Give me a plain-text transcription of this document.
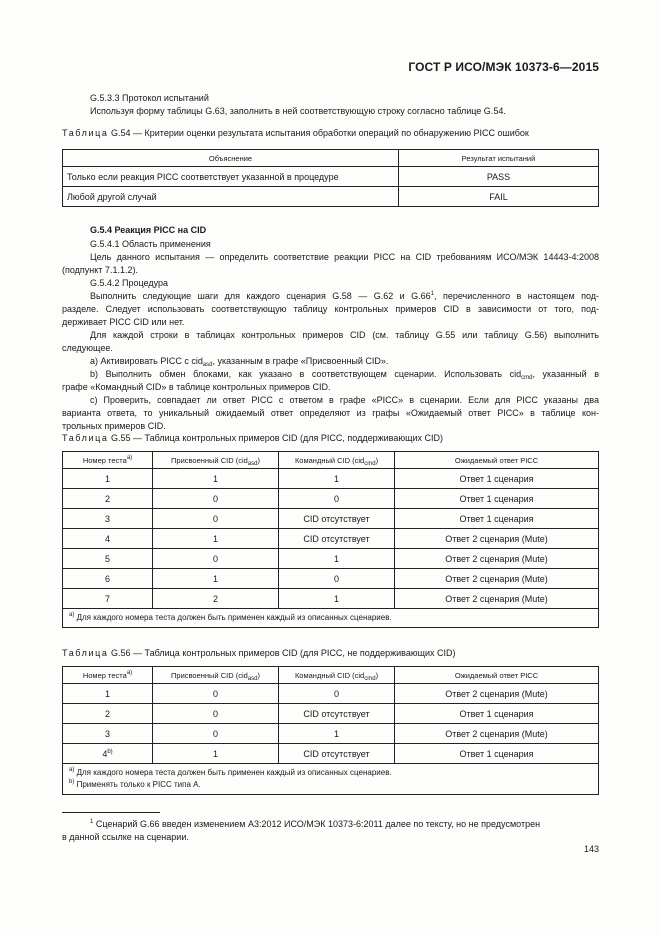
ГОСТ Р ИСО/МЭК 10373-6—2015
G.5.3.3 Протокол испытаний
Используя форму таблицы G.63, заполнить в ней соответствующую строку согласно таблице G.54.
Таблица G.54 — Критерии оценки результата испытания обработки операций по обнаружению PICC ошибок
Объяснение	Результат испытаний
Только если реакция PICC соответствует указанной в процедуре	PASS
Любой другой случай	FAIL
G.5.4 Реакция PICC на CID
G.5.4.1 Область применения
Цель данного испытания — определить соответствие реакции PICC на CID требованиям ИСО/МЭК 14443-4:2008
(подпункт 7.1.1.2).
G.5.4.2 Процедура
Выполнить следующие шаги для каждого сценария G.58 — G.62 и $G.66^1$, перечисленного в настоящем под-
разделе. Следует использовать соответствующую таблицу контрольных примеров CID в зависимости от того, под-
держивает PICC CID или нет.
Для каждой строки в таблицах контрольных примеров CID (см. таблицу G.55 или таблицу G.56) выполнить
следующее.
а) Активировать PICC с cid$_{asd}$, указанным в графе «Присвоенный CID».
b) Выполнить обмен блоками, как указано в соответствующем сценарии. Использовать cid$_{cmd}$, указанный в
графе «Командный CID» в таблице контрольных примеров CID.
с) Проверить, совпадает ли ответ PICC с ответом в графе «PICC» в сценарии. Если для PICC указаны два
варианта ответа, то уникальный ожидаемый ответ определяют из графы «Ожидаемый ответ PICC» в таблице кон-
трольных примеров CID.
Таблица G.55 — Таблица контрольных примеров CID (для PICC, поддерживающих CID)
Номер теста$^{a)}$	Присвоенный CID (cid$_{asd}$)	Командный CID (cid$_{cmd}$)	Ожидаемый ответ PICC
1	1	1	Ответ 1 сценария
2	0	0	Ответ 1 сценария
3	0	CID отсутствует	Ответ 1 сценария
4	1	CID отсутствует	Ответ 2 сценария (Mute)
5	0	1	Ответ 2 сценария (Mute)
6	1	0	Ответ 2 сценария (Mute)
7	2	1	Ответ 2 сценария (Mute)
$^{a)}$ Для каждого номера теста должен быть применен каждый из описанных сценариев.			
Таблица G.56 — Таблица контрольных примеров CID (для PICC, не поддерживающих CID)
Номер теста$^{a)}$	Присвоенный CID (cid$_{asd}$)	Командный CID (cid$_{cmd}$)	Ожидаемый ответ PICC
1	0	0	Ответ 2 сценария (Mute)
2	0	CID отсутствует	Ответ 1 сценария
3	0	1	Ответ 2 сценария (Mute)
4$^{b)}$	1	CID отсутствует	Ответ 1 сценария

$^{a)}$ Для каждого номера теста должен быть применен каждый из описанных сценариев.
$^{b)}$ Применять только к PICC типа А.			
$^1$ Сценарий G.66 введен изменением А3:2012 ИСО/МЭК 10373-6:2011 далее по тексту, но не предусмотрен
в данной ссылке на сценарии.
143
